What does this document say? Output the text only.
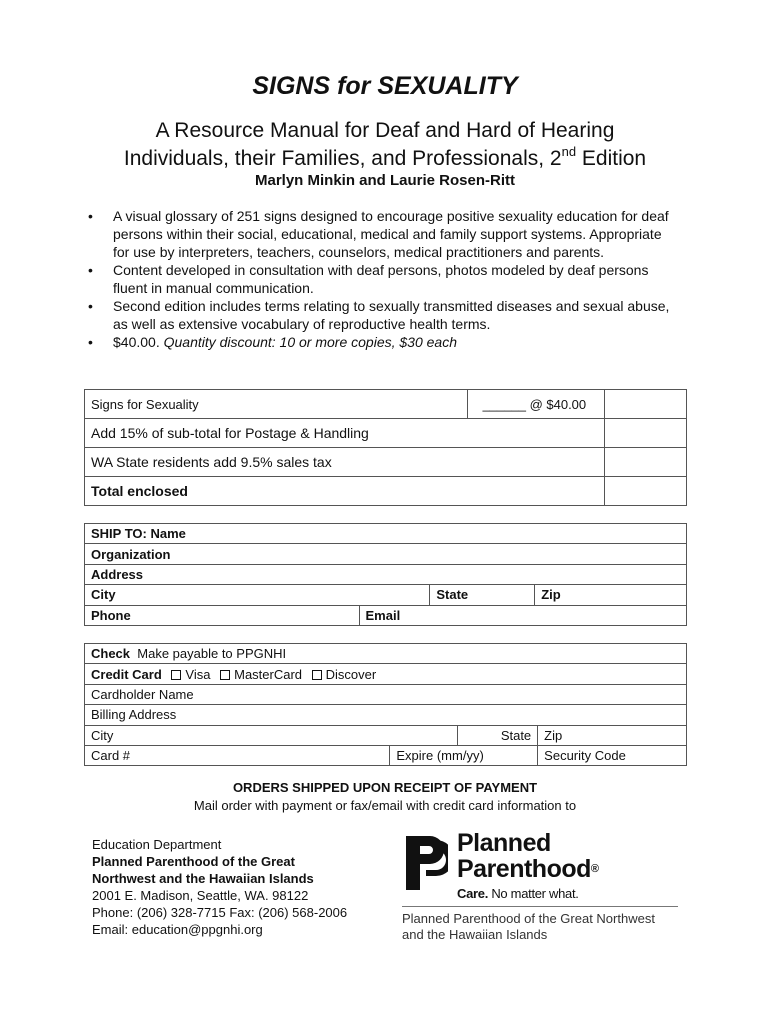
SIGNS for SEXUALITY
A Resource Manual for Deaf and Hard of Hearing
Individuals, their Families, and Professionals, 2nd Edition
Marlyn Minkin and Laurie Rosen-Ritt
•	A visual glossary of 251 signs designed to encourage positive sexuality education for deaf persons within their social, educational, medical and family support systems. Appropriate for use by interpreters, teachers, counselors, medical practitioners and parents.
•	Content developed in consultation with deaf persons, photos modeled by deaf persons fluent in manual communication.
•	Second edition includes terms relating to sexually transmitted diseases and sexual abuse, as well as extensive vocabulary of reproductive health terms.
•	$40.00. Quantity discount: 10 or more copies, $30 each
Signs for Sexuality	______ @ $40.00	
Add 15% of sub-total for Postage & Handling		
WA State residents add 9.5% sales tax		
Total enclosed		
SHIP TO: Name			
Organization			
Address			
City		State	Zip
Phone	Email		
Check Make payable to PPGNHI			
Credit Card Visa MasterCard Discover			
Cardholder Name			
Billing Address			
City		State	Zip
Card #	Expire (mm/yy)		Security Code
ORDERS SHIPPED UPON RECEIPT OF PAYMENT
Mail order with payment or fax/email with credit card information to
Education Department
Planned Parenthood of the Great
Northwest and the Hawaiian Islands
2001 E. Madison, Seattle, WA. 98122
Phone: (206) 328-7715 Fax: (206) 568-2006
Email: education@ppgnhi.org
Planned
Parenthood®
Care. No matter what.
Planned Parenthood of the Great Northwest
and the Hawaiian Islands
